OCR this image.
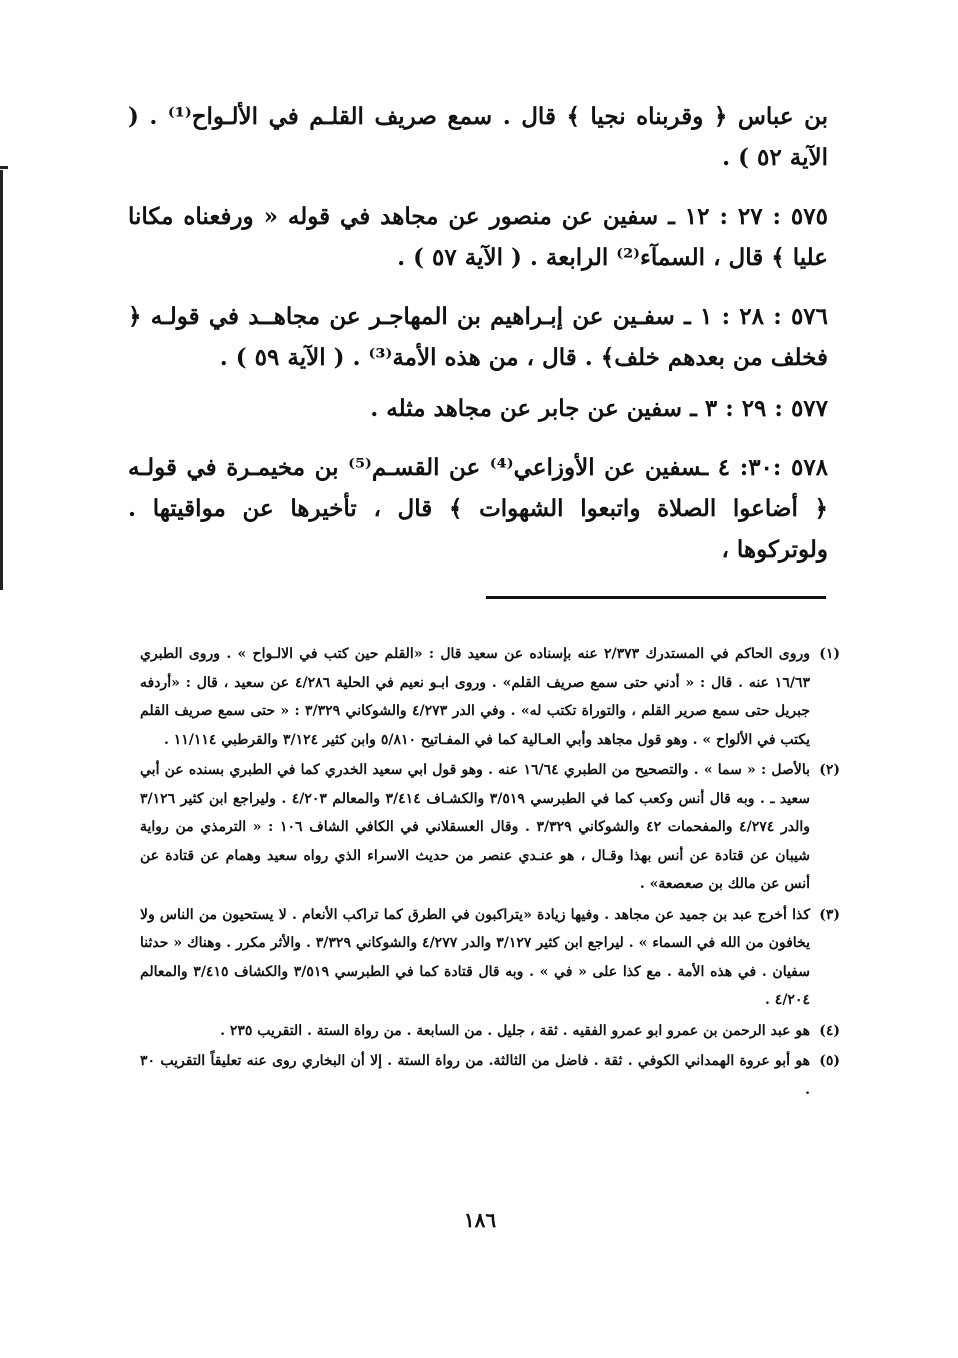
بن عباس ﴿ وقربناه نجيا ﴾ قال . سمع صريف القلـم في الألـواح⁽¹⁾ . ( الآية ٥٢ ) .

٥٧٥ : ٢٧ : ١٢ ـ سفين عن منصور عن مجاهد في قوله « ورفعناه مكانا عليا ﴾ قال ، السمآء⁽²⁾ الرابعة . ( الآية ٥٧ ) .

٥٧٦ : ٢٨ : ١ ـ سفـين عن إبـراهيم بن المهاجـر عن مجاهــد في قولـه ﴿ فخلف من بعدهم خلف﴾ . قال ، من هذه الأمة⁽³⁾ . ( الآية ٥٩ ) .

٥٧٧ : ٢٩ : ٣ ـ سفين عن جابر عن مجاهد مثله .

٥٧٨ :٣٠: ٤ ـسفين عن الأوزاعي⁽⁴⁾ عن القسـم⁽⁵⁾ بن مخيمـرة في قولـه ﴿ أضاعوا الصلاة واتبعوا الشهوات ﴾ قال ، تأخيرها عن مواقيتها . ولوتركوها ،

(١)
وروى الحاكم في المستدرك ٢/٣٧٣ عنه بإسناده عن سعيد قال : «القلم حين كتب في الالـواح » . وروى الطبري ١٦/٦٣ عنه . قال : « أدني حتى سمع صريف القلم» . وروى ابـو نعيم في الحلية ٤/٢٨٦ عن سعيد ، قال : «أردفه جبريل حتى سمع صرير القلم ، والتوراة تكتب له» . وفي الدر ٤/٢٧٣ والشوكاني ٣/٣٢٩ : « حتى سمع صريف القلم يكتب في الألواح » . وهو قول مجاهد وأبي العـالية كما في المفـاتيح ٥/٨١٠ وابن كثير ٣/١٢٤ والقرطبي ١١/١١٤ .
(٢)
بالأصل : « سما » . والتصحيح من الطبري ١٦/٦٤ عنه . وهو قول ابي سعيد الخدري كما في الطبري بسنده عن أبي سعيد ـ . وبه قال أنس وكعب كما في الطبرسي ٣/٥١٩ والكشـاف ٣/٤١٤ والمعالم ٤/٢٠٣ . وليراجع ابن كثير ٣/١٢٦ والدر ٤/٢٧٤ والمفحمات ٤٢ والشوكاني ٣/٣٢٩ . وقال العسقلاني في الكافي الشاف ١٠٦ : « الترمذي من رواية شيبان عن قتادة عن أنس بهذا وقـال ، هو عنـدي عنصر من حديث الاسراء الذي رواه سعيد وهمام عن قتادة عن أنس عن مالك بن صعصعة» .
(٣)
كذا أخرج عبد بن جميد عن مجاهد . وفيها زيادة «يتراكبون في الطرق كما تراكب الأنعام . لا يستحيون من الناس ولا يخافون من الله في السماء » . ليراجع ابن كثير ٣/١٢٧ والدر ٤/٢٧٧ والشوكاني ٣/٣٢٩ . والأثر مكرر . وهناك « حدثنا سفيان . في هذه الأمة . مع كذا على « في » . وبه قال قتادة كما في الطبرسي ٣/٥١٩ والكشاف ٣/٤١٥ والمعالم ٤/٢٠٤ .
(٤)
هو عبد الرحمن بن عمرو ابو عمرو الفقيه . ثقة ، جليل . من السابعة . من رواة الستة . التقريب ٢٣٥ .
(٥)
هو أبو عروة الهمداني الكوفي . ثقة . فاضل من الثالثة. من رواة الستة . إلا أن البخاري روى عنه تعليقاً التقريب ٣٠ .
١٨٦
